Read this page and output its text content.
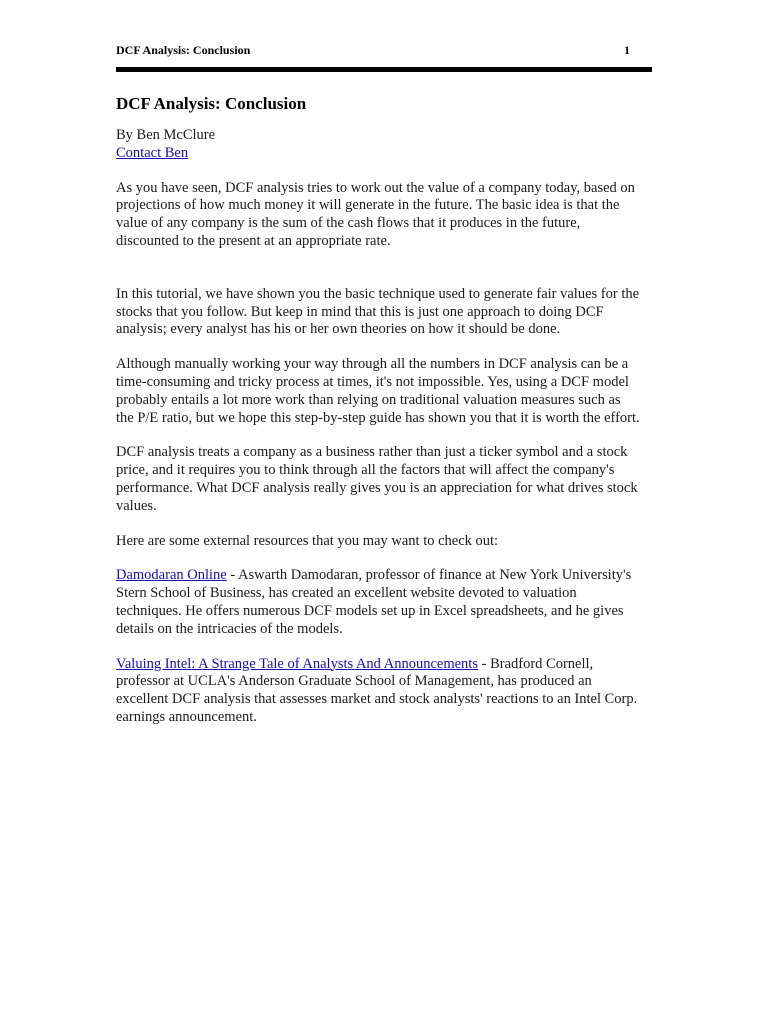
DCF Analysis: Conclusion	1
DCF Analysis: Conclusion

By Ben McClure

Contact Ben

As you have seen, DCF analysis tries to work out the value of a company today, based on projections of how much money it will generate in the future. The basic idea is that the value of any company is the sum of the cash flows that it produces in the future, discounted to the present at an appropriate rate.

In this tutorial, we have shown you the basic technique used to generate fair values for the stocks that you follow. But keep in mind that this is just one approach to doing DCF analysis; every analyst has his or her own theories on how it should be done.

Although manually working your way through all the numbers in DCF analysis can be a time-consuming and tricky process at times, it's not impossible. Yes, using a DCF model probably entails a lot more work than relying on traditional valuation measures such as the P/E ratio, but we hope this step-by-step guide has shown you that it is worth the effort.

DCF analysis treats a company as a business rather than just a ticker symbol and a stock price, and it requires you to think through all the factors that will affect the company's performance. What DCF analysis really gives you is an appreciation for what drives stock values.

Here are some external resources that you may want to check out:

Damodaran Online - Aswarth Damodaran, professor of finance at New York University's Stern School of Business, has created an excellent website devoted to valuation techniques. He offers numerous DCF models set up in Excel spreadsheets, and he gives details on the intricacies of the models.

Valuing Intel: A Strange Tale of Analysts And Announcements - Bradford Cornell, professor at UCLA's Anderson Graduate School of Management, has produced an excellent DCF analysis that assesses market and stock analysts' reactions to an Intel Corp. earnings announcement.
